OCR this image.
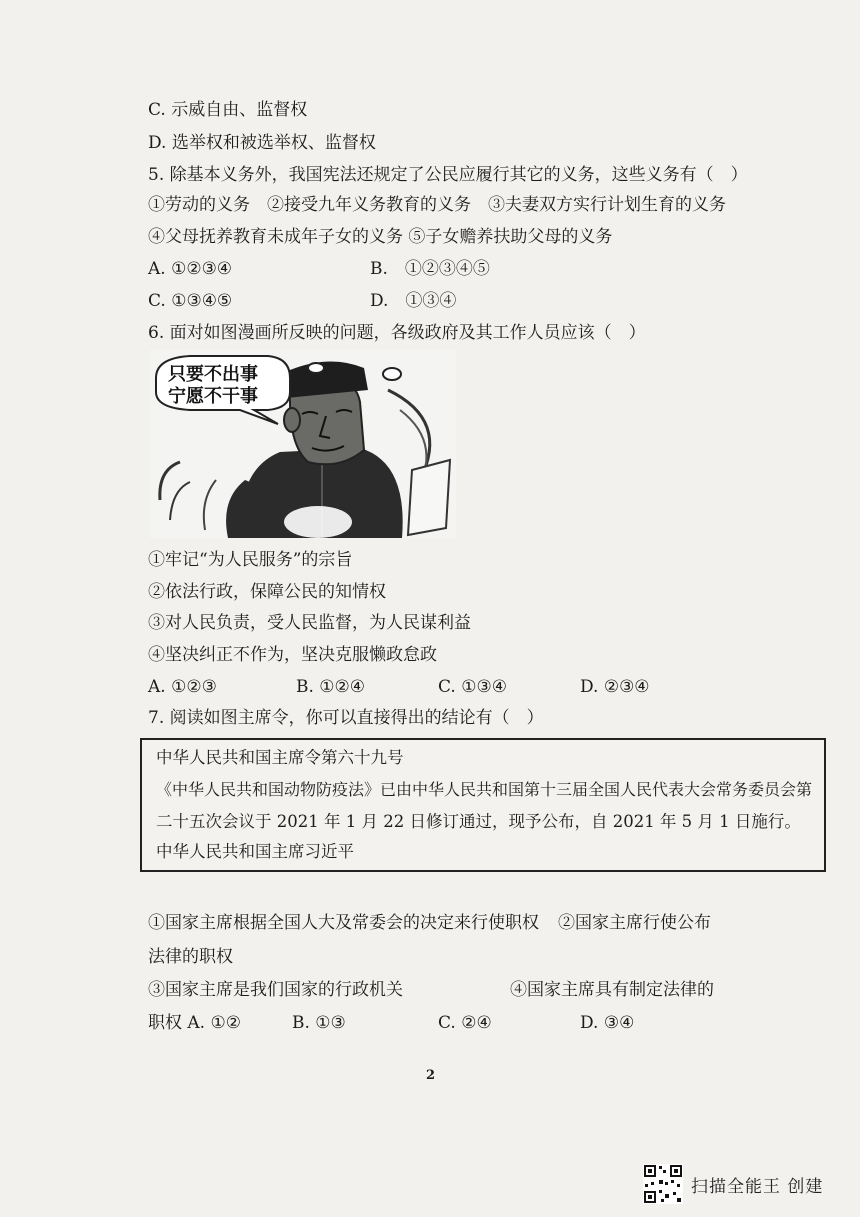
C. 示威自由、监督权
D. 选举权和被选举权、监督权
5. 除基本义务外，我国宪法还规定了公民应履行其它的义务，这些义务有（　）
①劳动的义务　②接受九年义务教育的义务　③夫妻双方实行计划生育的义务
④父母抚养教育未成年子女的义务 ⑤子女赡养扶助父母的义务
A. ①②③④	B.　①②③④⑤
C. ①③④⑤	D.　①③④
6. 面对如图漫画所反映的问题，各级政府及其工作人员应该（　）
只要不出事
宁愿不干事
①牢记“为人民服务”的宗旨
②依法行政，保障公民的知情权
③对人民负责，受人民监督，为人民谋利益
④坚决纠正不作为，坚决克服懒政怠政
A. ①②③	B. ①②④	C. ①③④	D. ②③④
7. 阅读如图主席令，你可以直接得出的结论有（　）
中华人民共和国主席令第六十九号
《中华人民共和国动物防疫法》已由中华人民共和国第十三届全国人民代表大会常务委员会第
二十五次会议于 2021 年 1 月 22 日修订通过，现予公布，自 2021 年 5 月 1 日施行。
中华人民共和国主席习近平
①国家主席根据全国人大及常委会的决定来行使职权 ②国家主席行使公布
法律的职权
③国家主席是我们国家的行政机关	④国家主席具有制定法律的
职权 A. ①②	B. ①③	C. ②④	D. ③④
2
扫描全能王 创建
